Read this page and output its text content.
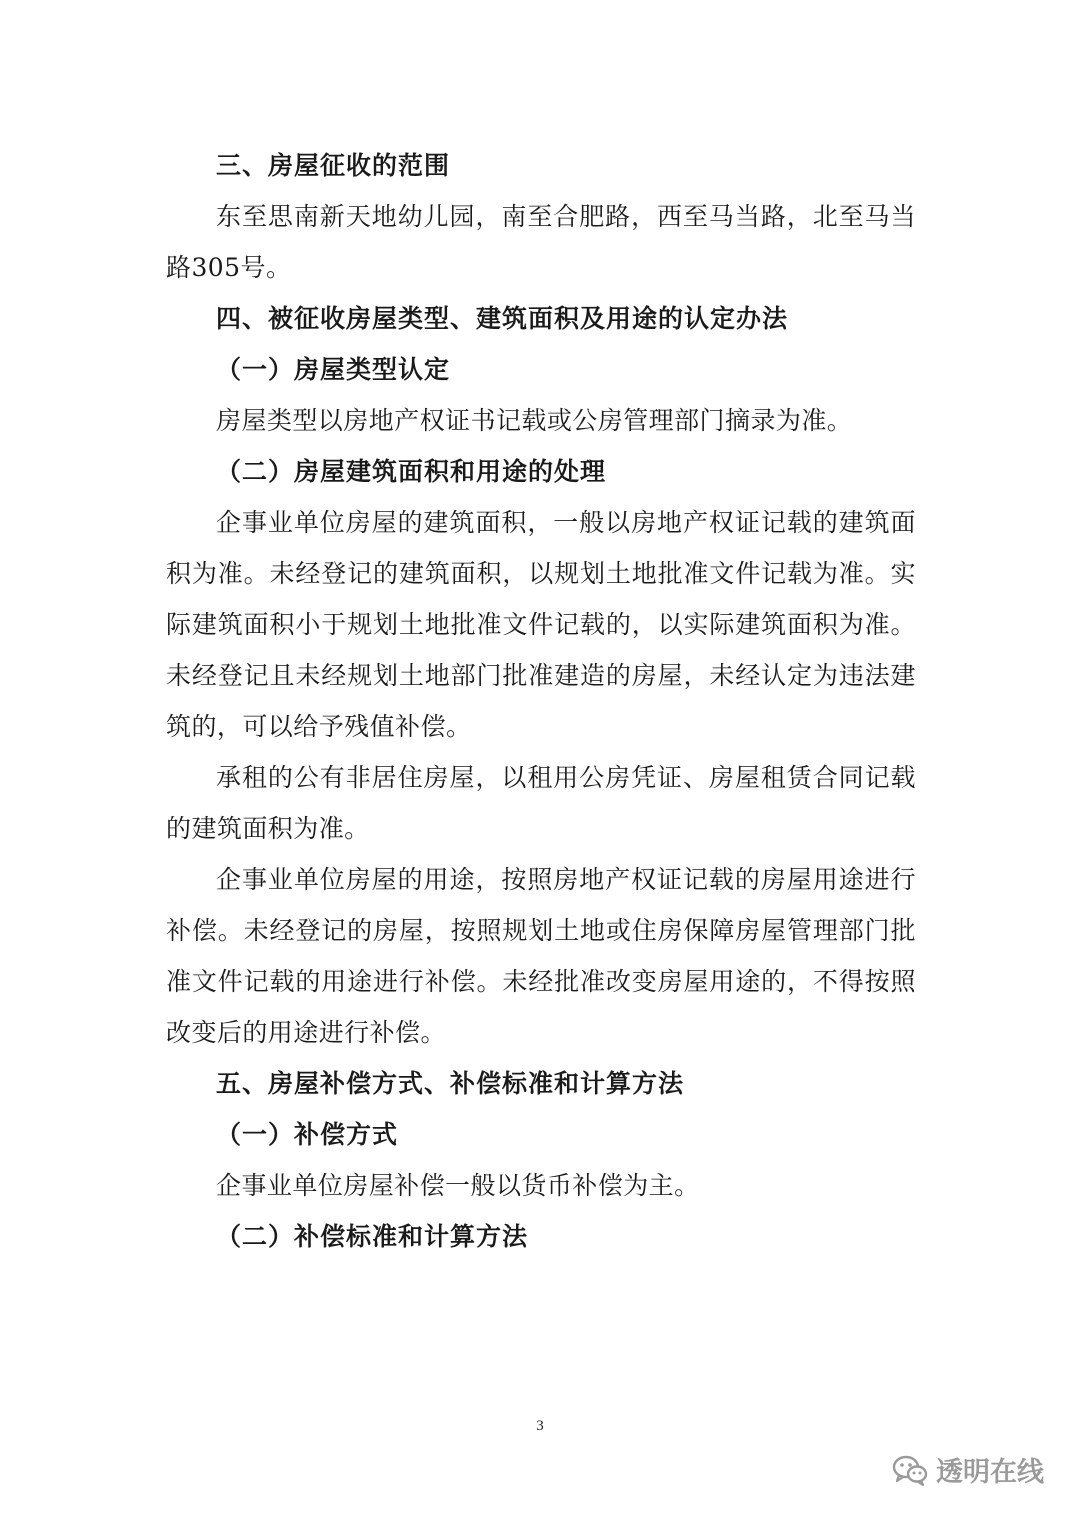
三、房屋征收的范围

东至思南新天地幼儿园，南至合肥路，西至马当路，北至马当路305号。

四、被征收房屋类型、建筑面积及用途的认定办法

（一）房屋类型认定

房屋类型以房地产权证书记载或公房管理部门摘录为准。

（二）房屋建筑面积和用途的处理

企事业单位房屋的建筑面积，一般以房地产权证记载的建筑面积为准。未经登记的建筑面积，以规划土地批准文件记载为准。实际建筑面积小于规划土地批准文件记载的，以实际建筑面积为准。未经登记且未经规划土地部门批准建造的房屋，未经认定为违法建筑的，可以给予残值补偿。

承租的公有非居住房屋，以租用公房凭证、房屋租赁合同记载的建筑面积为准。

企事业单位房屋的用途，按照房地产权证记载的房屋用途进行补偿。未经登记的房屋，按照规划土地或住房保障房屋管理部门批准文件记载的用途进行补偿。未经批准改变房屋用途的，不得按照改变后的用途进行补偿。

五、房屋补偿方式、补偿标准和计算方法

（一）补偿方式

企事业单位房屋补偿一般以货币补偿为主。

（二）补偿标准和计算方法

3
透明在线
